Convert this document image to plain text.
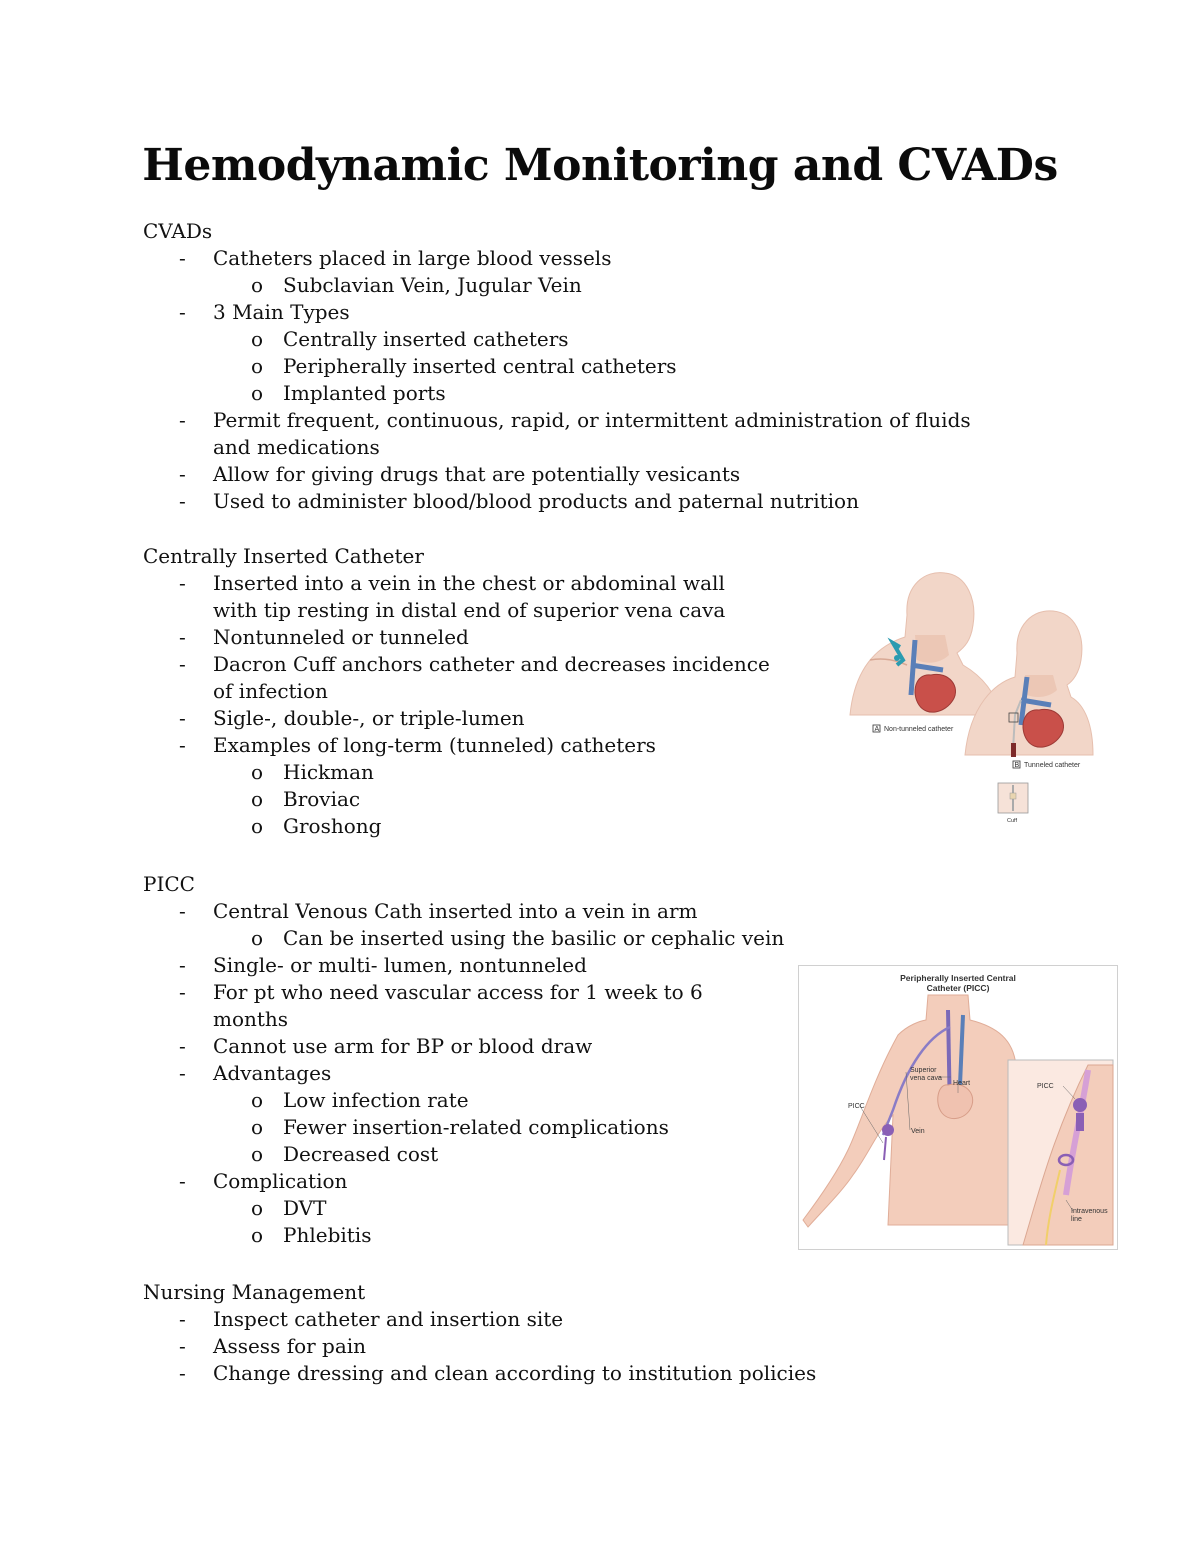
Hemodynamic Monitoring and CVADs
CVADs
- Catheters placed in large blood vessels
o Subclavian Vein, Jugular Vein
- 3 Main Types
o Centrally inserted catheters
o Peripherally inserted central catheters
o Implanted ports
- Permit frequent, continuous, rapid, or intermittent administration of fluids
and medications
- Allow for giving drugs that are potentially vesicants
- Used to administer blood/blood products and paternal nutrition
Centrally Inserted Catheter
- Inserted into a vein in the chest or abdominal wall
with tip resting in distal end of superior vena cava
- Nontunneled or tunneled
- Dacron Cuff anchors catheter and decreases incidence
of infection
- Sigle-, double-, or triple-lumen
- Examples of long-term (tunneled) catheters
o Hickman
o Broviac
o Groshong
PICC
- Central Venous Cath inserted into a vein in arm
o Can be inserted using the basilic or cephalic vein
- Single- or multi- lumen, nontunneled
- For pt who need vascular access for 1 week to 6
months
- Cannot use arm for BP or blood draw
- Advantages
o Low infection rate
o Fewer insertion-related complications
o Decreased cost
- Complication
o DVT
o Phlebitis
Nursing Management
- Inspect catheter and insertion site
- Assess for pain
- Change dressing and clean according to institution policies
A Non-tunneled catheter
B Tunneled catheter
Cuff
Peripherally Inserted Central
Catheter (PICC)
Superior
vena cava
Heart
PICC
Vein
PICC
Intravenous
line
